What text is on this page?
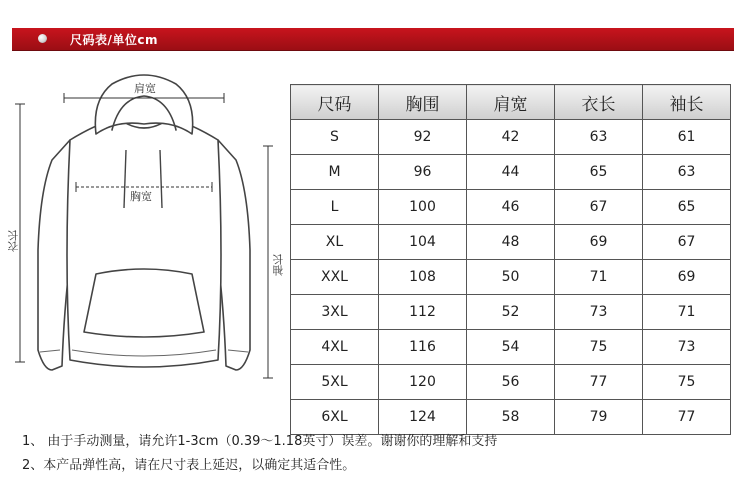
尺码表/单位cm
肩宽
胸宽
衣长
袖长
尺码	胸围	肩宽	衣长	袖长
S	92	42	63	61
M	96	44	65	63
L	100	46	67	65
XL	104	48	69	67
XXL	108	50	71	69
3XL	112	52	73	71
4XL	116	54	75	73
5XL	120	56	77	75
6XL	124	58	79	77
1、 由于手动测量，请允许1-3cm（0.39～1.18英寸）误差。谢谢你的理解和支持
2、本产品弹性高，请在尺寸表上延迟，以确定其适合性。
